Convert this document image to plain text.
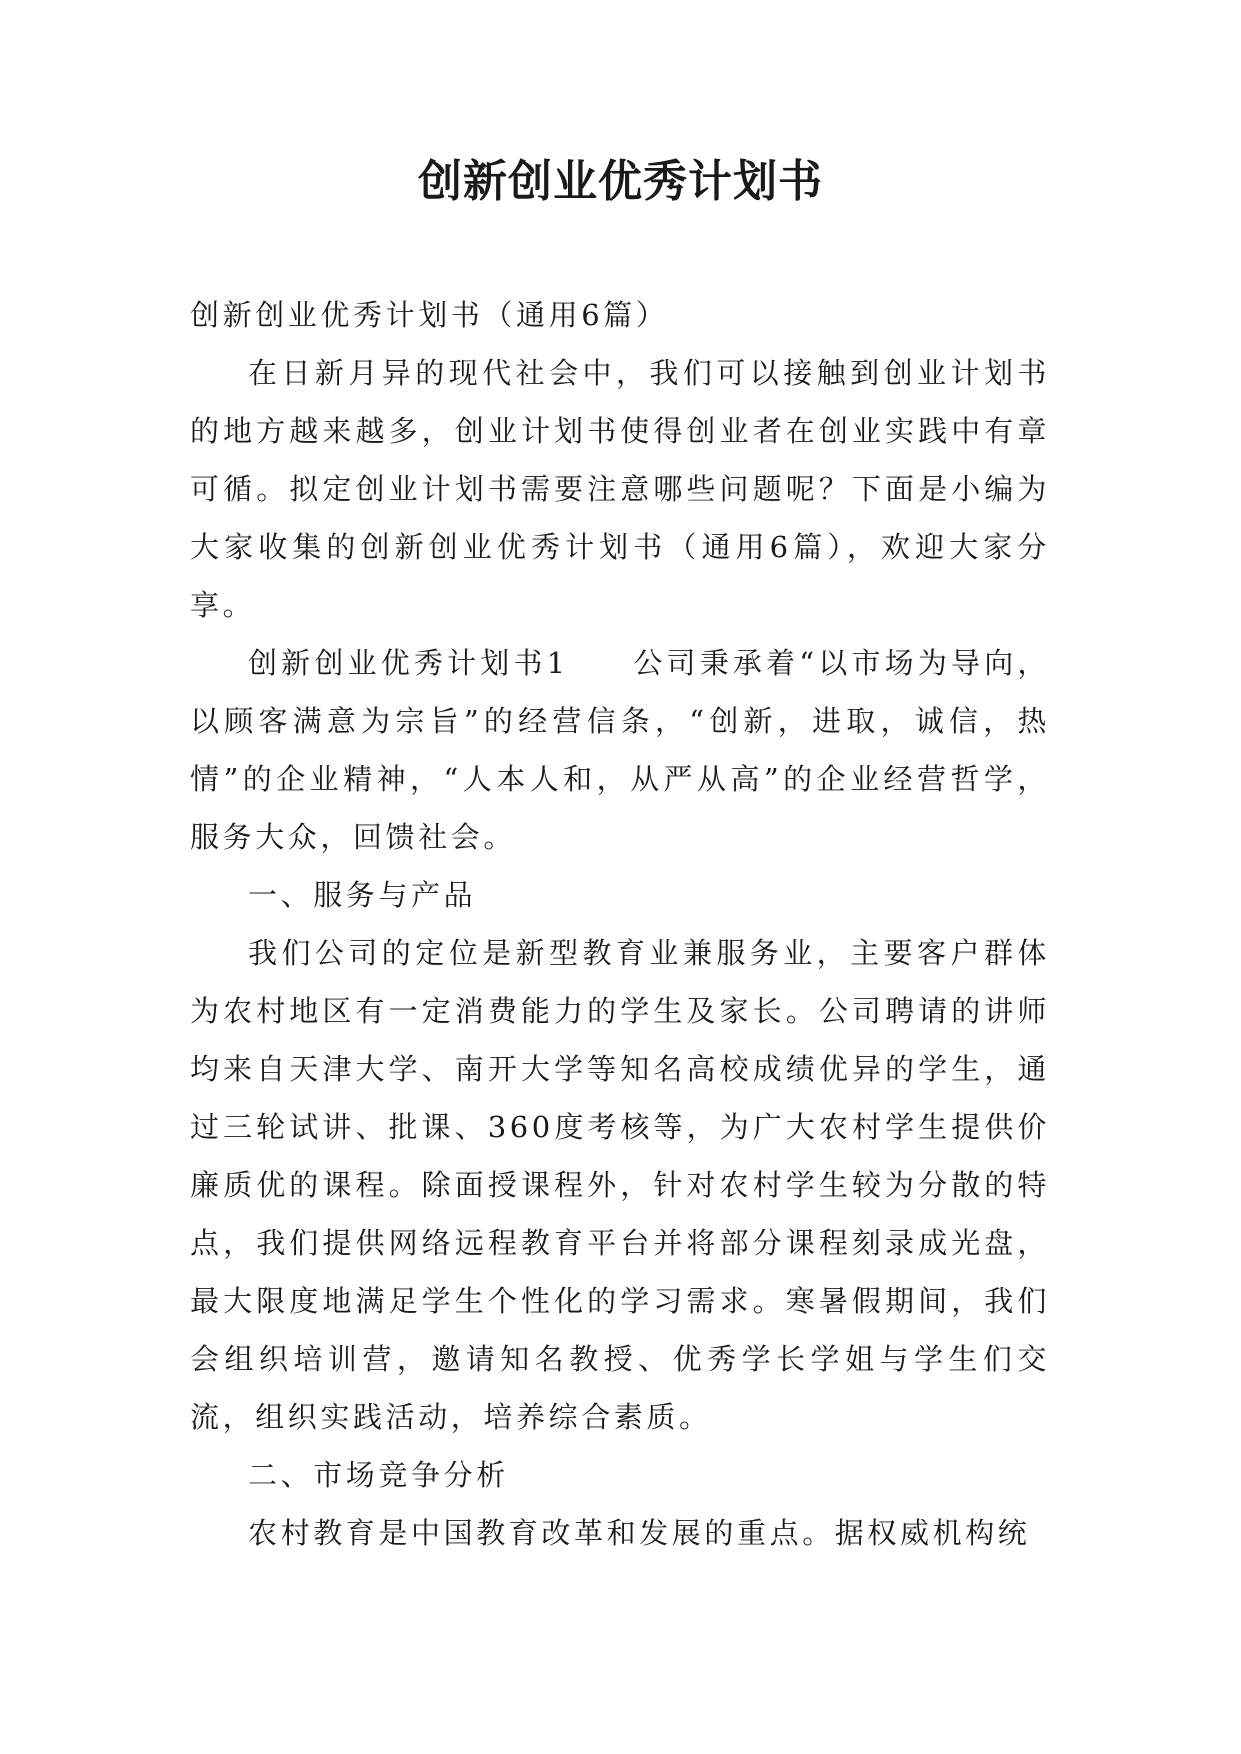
创新创业优秀计划书

创新创业优秀计划书（通用6篇）

在日新月异的现代社会中，我们可以接触到创业计划书的地方越来越多，创业计划书使得创业者在创业实践中有章可循。拟定创业计划书需要注意哪些问题呢？下面是小编为大家收集的创新创业优秀计划书（通用6篇），欢迎大家分享。

创新创业优秀计划书1 公司秉承着“以市场为导向，以顾客满意为宗旨”的经营信条，“创新，进取，诚信，热情”的企业精神，“人本人和，从严从高”的企业经营哲学，服务大众，回馈社会。

一、服务与产品

我们公司的定位是新型教育业兼服务业，主要客户群体为农村地区有一定消费能力的学生及家长。公司聘请的讲师均来自天津大学、南开大学等知名高校成绩优异的学生，通过三轮试讲、批课、360度考核等，为广大农村学生提供价廉质优的课程。除面授课程外，针对农村学生较为分散的特点，我们提供网络远程教育平台并将部分课程刻录成光盘，最大限度地满足学生个性化的学习需求。寒暑假期间，我们会组织培训营，邀请知名教授、优秀学长学姐与学生们交流，组织实践活动，培养综合素质。

二、市场竞争分析

农村教育是中国教育改革和发展的重点。据权威机构统
